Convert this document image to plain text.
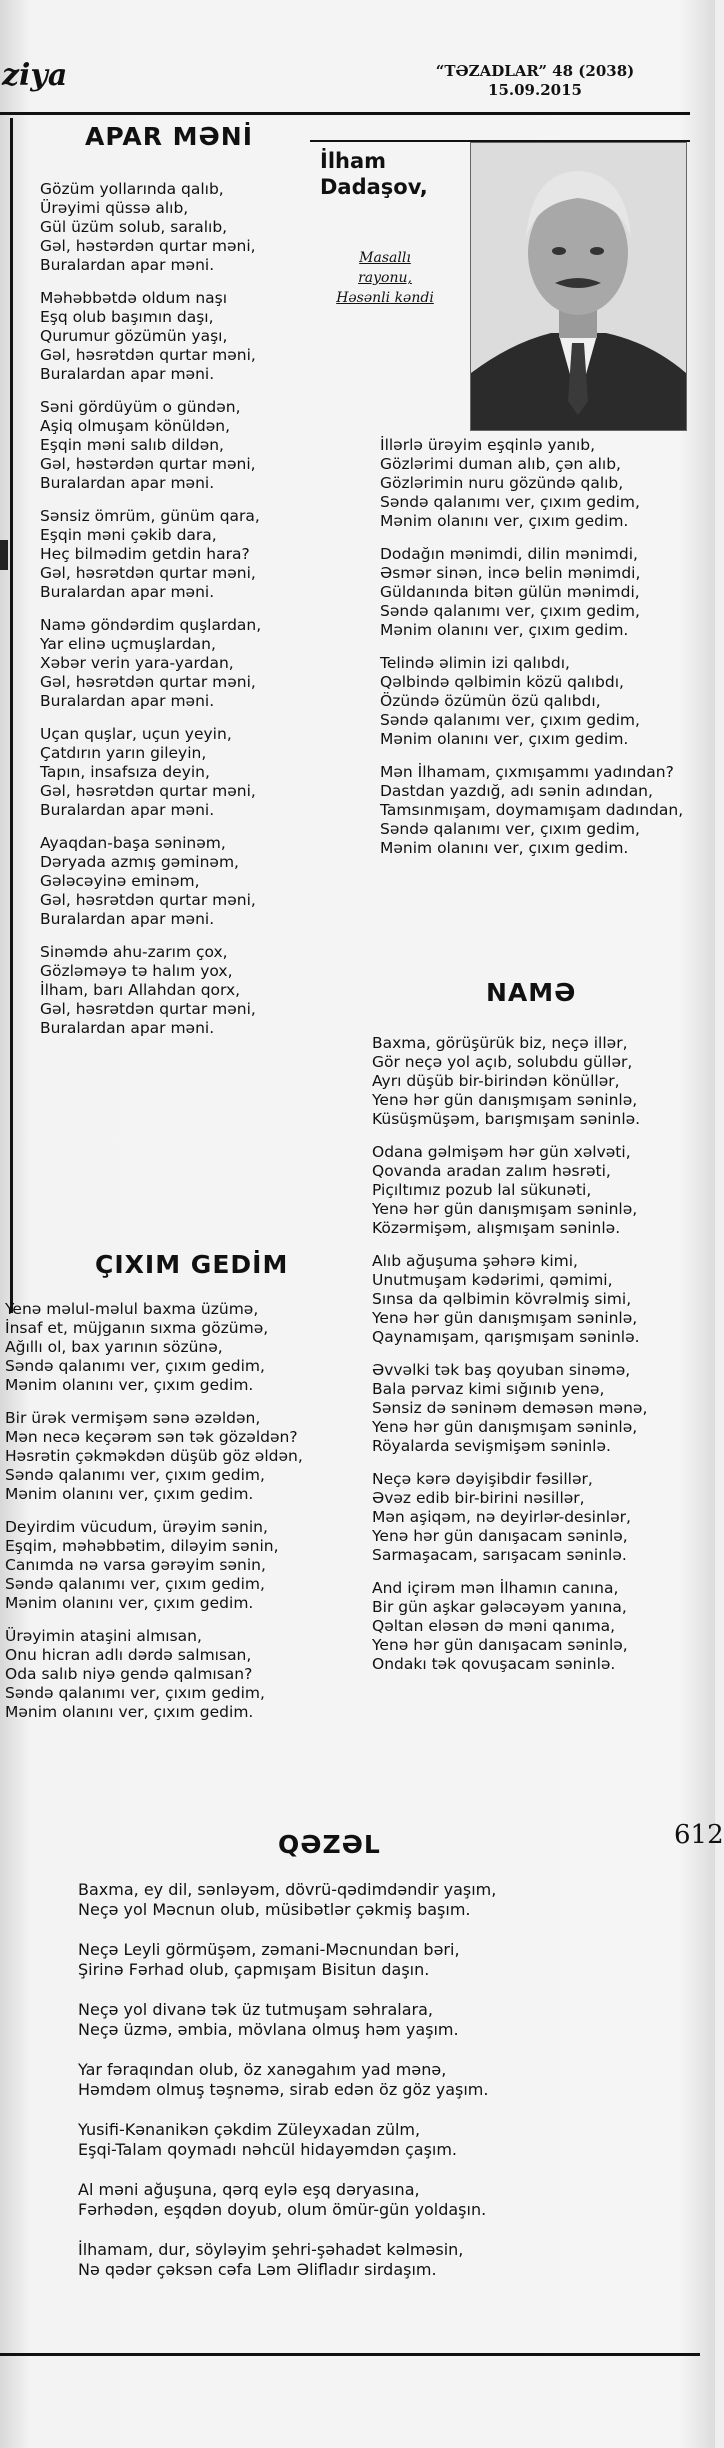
ziya	“TƏZADLAR” 48 (2038)
15.09.2015
APAR MƏNİ
Gözüm yollarında qalıb,
Ürəyimi qüssə alıb,
Gül üzüm solub, saralıb,
Gəl, həstərdən qurtar məni,
Buralardan apar məni.
Məhəbbətdə oldum naşı
Eşq olub başımın daşı,
Qurumur gözümün yaşı,
Gəl, həsrətdən qurtar məni,
Buralardan apar məni.
Səni gördüyüm o gündən,
Aşiq olmuşam könüldən,
Eşqin məni salıb dildən,
Gəl, həstərdən qurtar məni,
Buralardan apar məni.
Sənsiz ömrüm, günüm qara,
Eşqin məni çəkib dara,
Heç bilmədim getdin hara?
Gəl, həsrətdən qurtar məni,
Buralardan apar məni.
Namə göndərdim quşlardan,
Yar elinə uçmuşlardan,
Xəbər verin yara-yardan,
Gəl, həsrətdən qurtar məni,
Buralardan apar məni.
Uçan quşlar, uçun yeyin,
Çatdırın yarın gileyin,
Tapın, insafsıza deyin,
Gəl, həsrətdən qurtar məni,
Buralardan apar məni.
Ayaqdan-başa səninəm,
Dəryada azmış gəminəm,
Gələcəyinə eminəm,
Gəl, həsrətdən qurtar məni,
Buralardan apar məni.
Sinəmdə ahu-zarım çox,
Gözləməyə tə halım yox,
İlham, barı Allahdan qorx,
Gəl, həsrətdən qurtar məni,
Buralardan apar məni.
İlham
Dadaşov,
Masallı
rayonu,
Həsənli kəndi
İllərlə ürəyim eşqinlə yanıb,
Gözlərimi duman alıb, çən alıb,
Gözlərimin nuru gözündə qalıb,
Səndə qalanımı ver, çıxım gedim,
Mənim olanını ver, çıxım gedim.
Dodağın mənimdi, dilin mənimdi,
Əsmər sinən, incə belin mənimdi,
Güldanında bitən gülün mənimdi,
Səndə qalanımı ver, çıxım gedim,
Mənim olanını ver, çıxım gedim.
Telində əlimin izi qalıbdı,
Qəlbində qəlbimin közü qalıbdı,
Özündə özümün özü qalıbdı,
Səndə qalanımı ver, çıxım gedim,
Mənim olanını ver, çıxım gedim.
Mən İlhamam, çıxmışammı yadından?
Dastdan yazdığ, adı sənin adından,
Tamsınmışam, doymamışam dadından,
Səndə qalanımı ver, çıxım gedim,
Mənim olanını ver, çıxım gedim.
NAMƏ
Baxma, görüşürük biz, neçə illər,
Gör neçə yol açıb, solubdu güllər,
Ayrı düşüb bir-birindən könüllər,
Yenə hər gün danışmışam səninlə,
Küsüşmüşəm, barışmışam səninlə.
Odana gəlmişəm hər gün xəlvəti,
Qovanda aradan zalım həsrəti,
Piçıltımız pozub lal sükunəti,
Yenə hər gün danışmışam səninlə,
Közərmişəm, alışmışam səninlə.
Alıb ağuşuma şəhərə kimi,
Unutmuşam kədərimi, qəmimi,
Sınsa da qəlbimin kövrəlmiş simi,
Yenə hər gün danışmışam səninlə,
Qaynamışam, qarışmışam səninlə.
Əvvəlki tək baş qoyuban sinəmə,
Bala pərvaz kimi sığınıb yenə,
Sənsiz də səninəm deməsən mənə,
Yenə hər gün danışmışam səninlə,
Röyalarda sevişmişəm səninlə.
Neçə kərə dəyişibdir fəsillər,
Əvəz edib bir-birini nəsillər,
Mən aşiqəm, nə deyirlər-desinlər,
Yenə hər gün danışacam səninlə,
Sarmaşacam, sarışacam səninlə.
And içirəm mən İlhamın canına,
Bir gün aşkar gələcəyəm yanına,
Qəltan eləsən də məni qanıma,
Yenə hər gün danışacam səninlə,
Ondakı tək qovuşacam səninlə.
ÇIXIM GEDİM
Yenə məlul-məlul baxma üzümə,
İnsaf et, müjganın sıxma gözümə,
Ağıllı ol, bax yarının sözünə,
Səndə qalanımı ver, çıxım gedim,
Mənim olanını ver, çıxım gedim.
Bir ürək vermişəm sənə əzəldən,
Mən necə keçərəm sən tək gözəldən?
Həsrətin çəkməkdən düşüb göz əldən,
Səndə qalanımı ver, çıxım gedim,
Mənim olanını ver, çıxım gedim.
Deyirdim vücudum, ürəyim sənin,
Eşqim, məhəbbətim, diləyim sənin,
Canımda nə varsa gərəyim sənin,
Səndə qalanımı ver, çıxım gedim,
Mənim olanını ver, çıxım gedim.
Ürəyimin ataşini almısan,
Onu hicran adlı dərdə salmısan,
Oda salıb niyə gendə qalmısan?
Səndə qalanımı ver, çıxım gedim,
Mənim olanını ver, çıxım gedim.
QƏZƏL
Baxma, ey dil, sənləyəm, dövrü-qədimdəndir yaşım,
Neçə yol Məcnun olub, müsibətlər çəkmiş başım.
Neçə Leyli görmüşəm, zəmani-Məcnundan bəri,
Şirinə Fərhad olub, çapmışam Bisitun daşın.
Neçə yol divanə tək üz tutmuşam səhralara,
Neçə üzmə, əmbia, mövlana olmuş həm yaşım.
Yar fəraqından olub, öz xanəgahım yad mənə,
Həmdəm olmuş təşnəmə, sirab edən öz göz yaşım.
Yusifi-Kənanikən çəkdim Züleyxadan zülm,
Eşqi-Talam qoymadı nəhcül hidayəmdən çaşım.
Al məni ağuşuna, qərq eylə eşq dəryasına,
Fərhədən, eşqdən doyub, olum ömür-gün yoldaşın.
İlhamam, dur, söyləyim şehri-şəhadət kəlməsin,
Nə qədər çəksən cəfa Ləm Əlifladır sirdaşım.
612
